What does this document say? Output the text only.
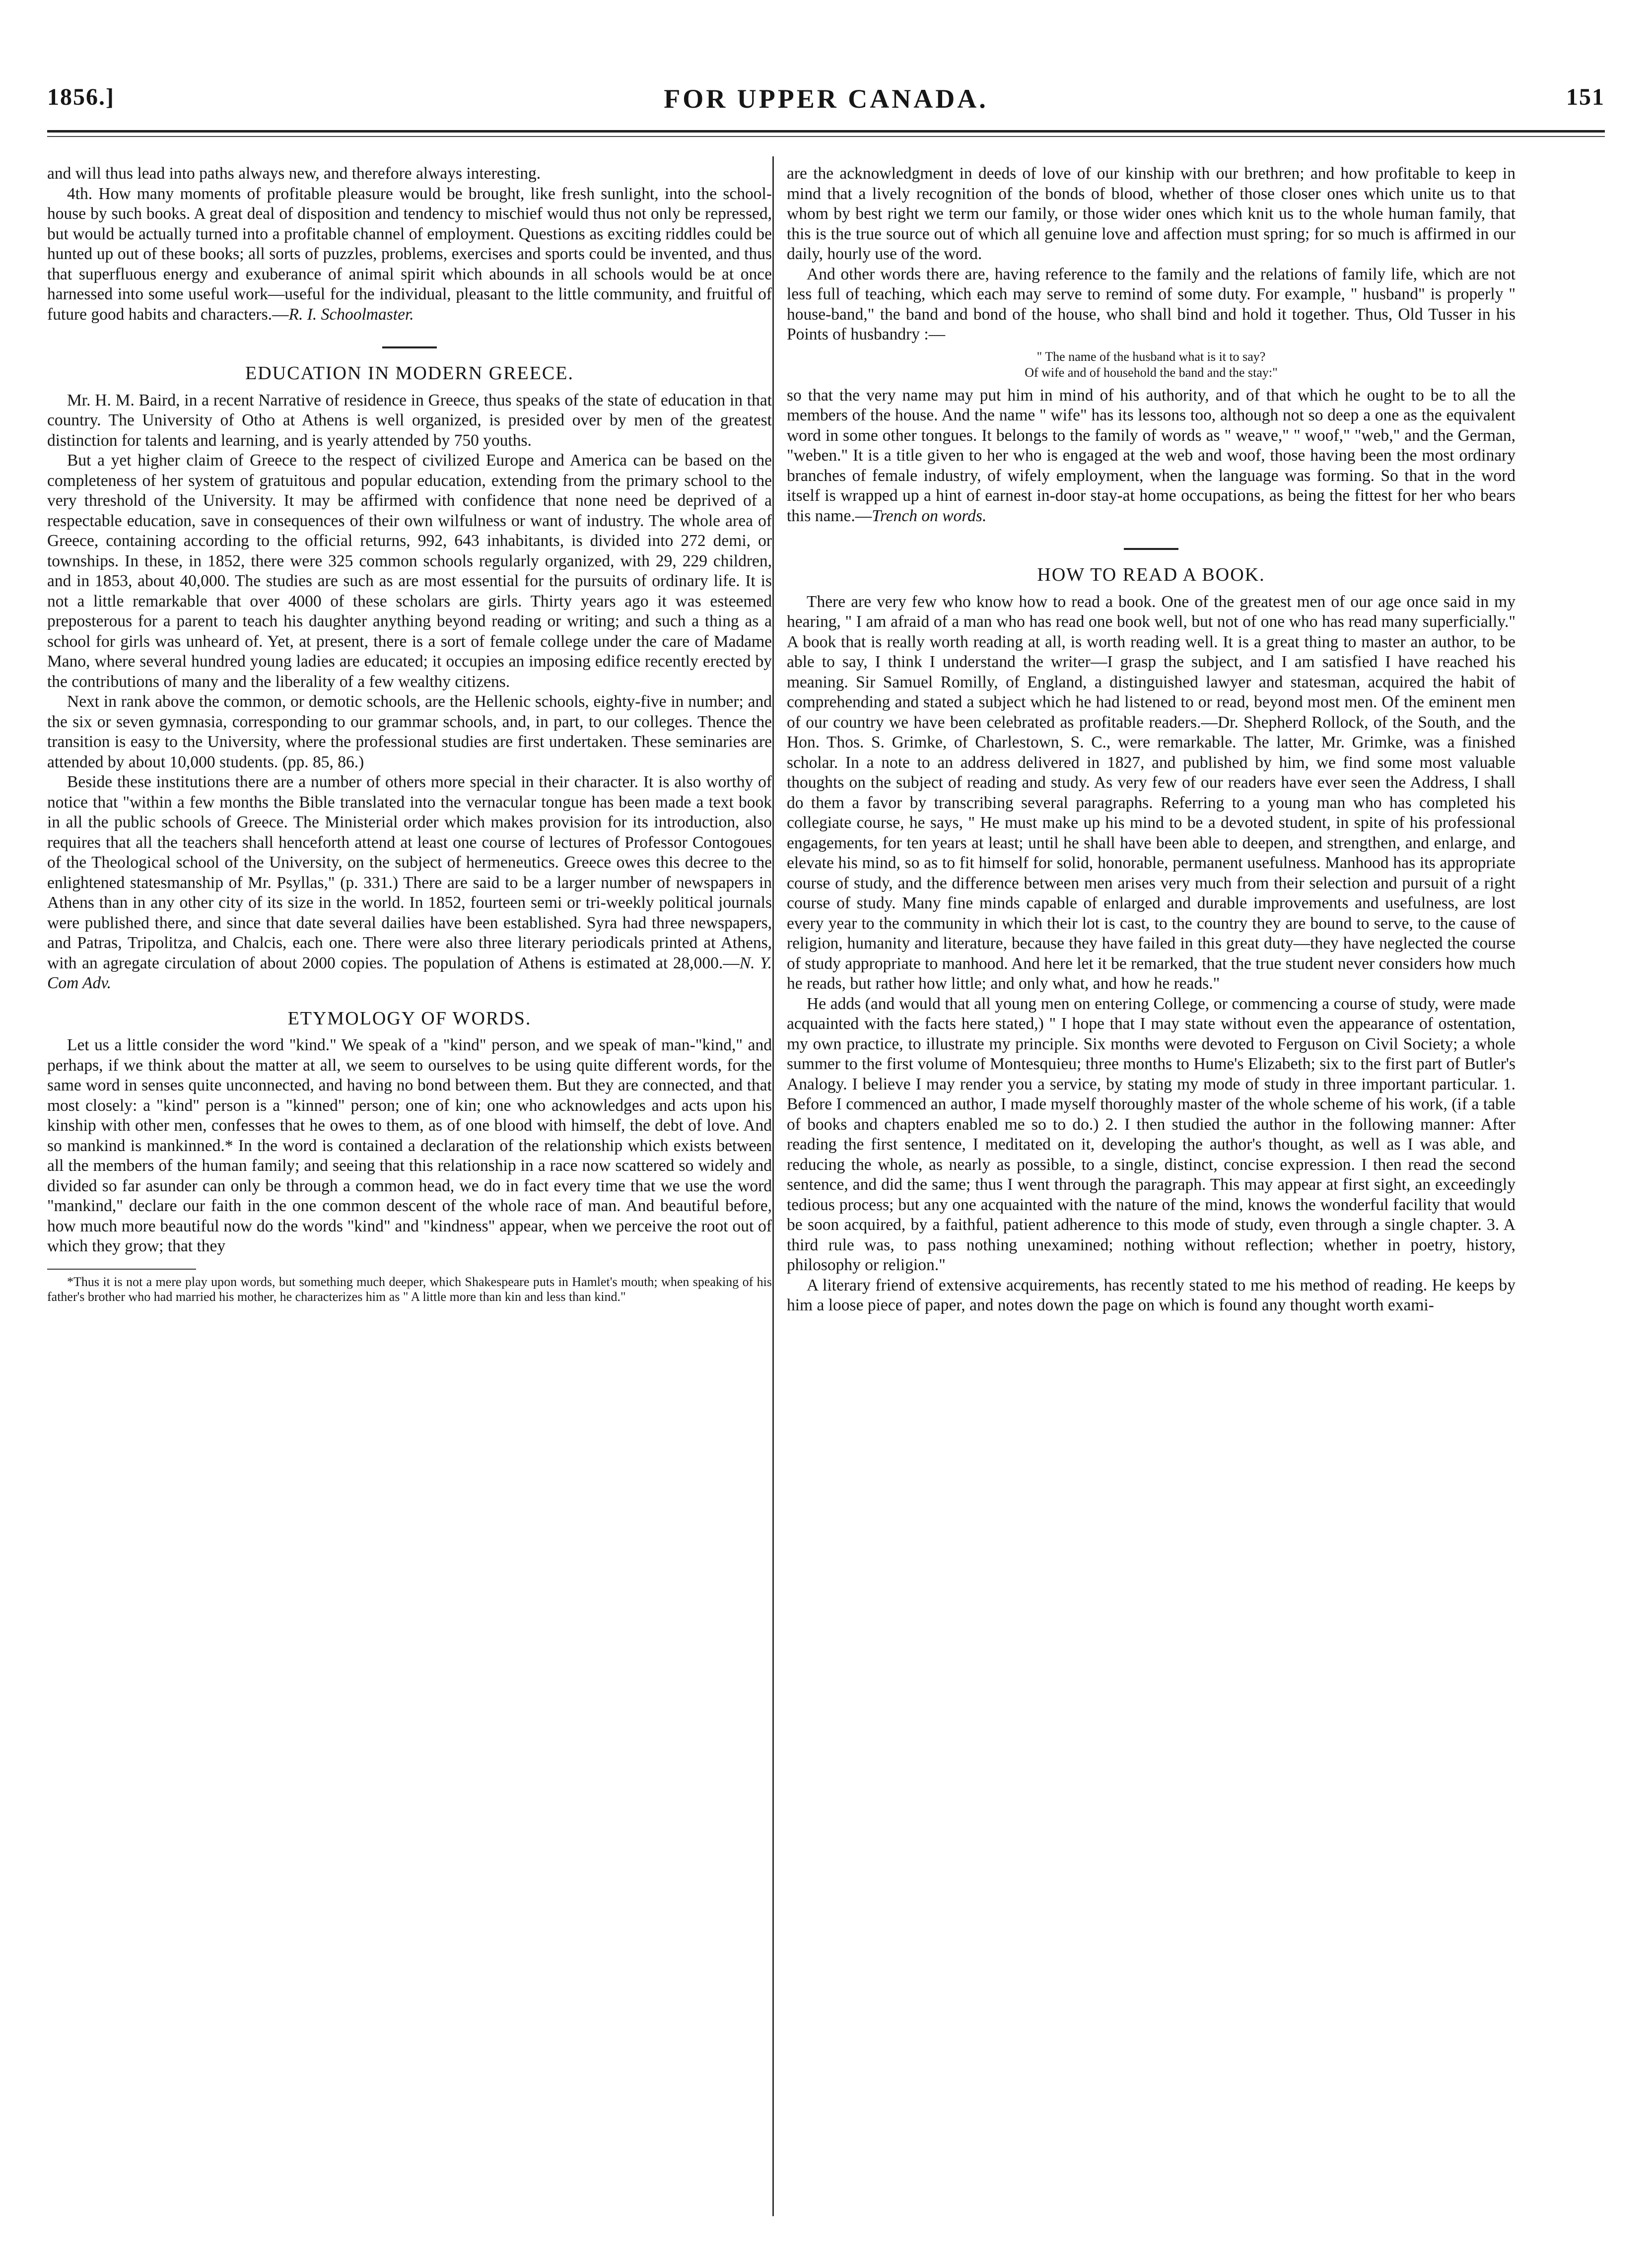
1856.]	FOR UPPER CANADA.	151

and will thus lead into paths always new, and therefore always interesting.

4th. How many moments of profitable pleasure would be brought, like fresh sunlight, into the school-house by such books. A great deal of disposition and tendency to mischief would thus not only be repressed, but would be actually turned into a profitable channel of employment. Questions as exciting riddles could be hunted up out of these books; all sorts of puzzles, problems, exercises and sports could be invented, and thus that superfluous energy and exuberance of animal spirit which abounds in all schools would be at once harnessed into some useful work—useful for the individual, pleasant to the little community, and fruitful of future good habits and characters.—R. I. Schoolmaster.

EDUCATION IN MODERN GREECE.

Mr. H. M. Baird, in a recent Narrative of residence in Greece, thus speaks of the state of education in that country. The University of Otho at Athens is well organized, is presided over by men of the greatest distinction for talents and learning, and is yearly attended by 750 youths.

But a yet higher claim of Greece to the respect of civilized Europe and America can be based on the completeness of her system of gratuitous and popular education, extending from the primary school to the very threshold of the University. It may be affirmed with confidence that none need be deprived of a respectable education, save in consequences of their own wilfulness or want of industry. The whole area of Greece, containing according to the official returns, 992, 643 inhabitants, is divided into 272 demi, or townships. In these, in 1852, there were 325 common schools regularly organized, with 29, 229 children, and in 1853, about 40,000. The studies are such as are most essential for the pursuits of ordinary life. It is not a little remarkable that over 4000 of these scholars are girls. Thirty years ago it was esteemed preposterous for a parent to teach his daughter anything beyond reading or writing; and such a thing as a school for girls was unheard of. Yet, at present, there is a sort of female college under the care of Madame Mano, where several hundred young ladies are educated; it occupies an imposing edifice recently erected by the contributions of many and the liberality of a few wealthy citizens.

Next in rank above the common, or demotic schools, are the Hellenic schools, eighty-five in number; and the six or seven gymnasia, corresponding to our grammar schools, and, in part, to our colleges. Thence the transition is easy to the University, where the professional studies are first undertaken. These seminaries are attended by about 10,000 students. (pp. 85, 86.)

Beside these institutions there are a number of others more special in their character. It is also worthy of notice that "within a few months the Bible translated into the vernacular tongue has been made a text book in all the public schools of Greece. The Ministerial order which makes provision for its introduction, also requires that all the teachers shall henceforth attend at least one course of lectures of Professor Contogoues of the Theological school of the University, on the subject of hermeneutics. Greece owes this decree to the enlightened statesmanship of Mr. Psyllas," (p. 331.) There are said to be a larger number of newspapers in Athens than in any other city of its size in the world. In 1852, fourteen semi or tri-weekly political journals were published there, and since that date several dailies have been established. Syra had three newspapers, and Patras, Tripolitza, and Chalcis, each one. There were also three literary periodicals printed at Athens, with an agregate circulation of about 2000 copies. The population of Athens is estimated at 28,000.—N. Y. Com Adv.

ETYMOLOGY OF WORDS.

Let us a little consider the word "kind." We speak of a "kind" person, and we speak of man-"kind," and perhaps, if we think about the matter at all, we seem to ourselves to be using quite different words, for the same word in senses quite unconnected, and having no bond between them. But they are connected, and that most closely: a "kind" person is a "kinned" person; one of kin; one who acknowledges and acts upon his kinship with other men, confesses that he owes to them, as of one blood with himself, the debt of love. And so mankind is mankinned.* In the word is contained a declaration of the relationship which exists between all the members of the human family; and seeing that this relationship in a race now scattered so widely and divided so far asunder can only be through a common head, we do in fact every time that we use the word "mankind," declare our faith in the one common descent of the whole race of man. And beautiful before, how much more beautiful now do the words "kind" and "kindness" appear, when we perceive the root out of which they grow; that they

*Thus it is not a mere play upon words, but something much deeper, which Shakespeare puts in Hamlet's mouth; when speaking of his father's brother who had married his mother, he characterizes him as " A little more than kin and less than kind."

are the acknowledgment in deeds of love of our kinship with our brethren; and how profitable to keep in mind that a lively recognition of the bonds of blood, whether of those closer ones which unite us to that whom by best right we term our family, or those wider ones which knit us to the whole human family, that this is the true source out of which all genuine love and affection must spring; for so much is affirmed in our daily, hourly use of the word.

And other words there are, having reference to the family and the relations of family life, which are not less full of teaching, which each may serve to remind of some duty. For example, " husband" is properly " house-band," the band and bond of the house, who shall bind and hold it together. Thus, Old Tusser in his Points of husbandry :—

" The name of the husband what is it to say?
Of wife and of household the band and the stay:"

so that the very name may put him in mind of his authority, and of that which he ought to be to all the members of the house. And the name " wife" has its lessons too, although not so deep a one as the equivalent word in some other tongues. It belongs to the family of words as " weave," " woof," "web," and the German, "weben." It is a title given to her who is engaged at the web and woof, those having been the most ordinary branches of female industry, of wifely employment, when the language was forming. So that in the word itself is wrapped up a hint of earnest in-door stay-at home occupations, as being the fittest for her who bears this name.—Trench on words.

HOW TO READ A BOOK.

There are very few who know how to read a book. One of the greatest men of our age once said in my hearing, " I am afraid of a man who has read one book well, but not of one who has read many superficially." A book that is really worth reading at all, is worth reading well. It is a great thing to master an author, to be able to say, I think I understand the writer—I grasp the subject, and I am satisfied I have reached his meaning. Sir Samuel Romilly, of England, a distinguished lawyer and statesman, acquired the habit of comprehending and stated a subject which he had listened to or read, beyond most men. Of the eminent men of our country we have been celebrated as profitable readers.—Dr. Shepherd Rollock, of the South, and the Hon. Thos. S. Grimke, of Charlestown, S. C., were remarkable. The latter, Mr. Grimke, was a finished scholar. In a note to an address delivered in 1827, and published by him, we find some most valuable thoughts on the subject of reading and study. As very few of our readers have ever seen the Address, I shall do them a favor by transcribing several paragraphs. Referring to a young man who has completed his collegiate course, he says, " He must make up his mind to be a devoted student, in spite of his professional engagements, for ten years at least; until he shall have been able to deepen, and strengthen, and enlarge, and elevate his mind, so as to fit himself for solid, honorable, permanent usefulness. Manhood has its appropriate course of study, and the difference between men arises very much from their selection and pursuit of a right course of study. Many fine minds capable of enlarged and durable improvements and usefulness, are lost every year to the community in which their lot is cast, to the country they are bound to serve, to the cause of religion, humanity and literature, because they have failed in this great duty—they have neglected the course of study appropriate to manhood. And here let it be remarked, that the true student never considers how much he reads, but rather how little; and only what, and how he reads."

He adds (and would that all young men on entering College, or commencing a course of study, were made acquainted with the facts here stated,) " I hope that I may state without even the appearance of ostentation, my own practice, to illustrate my principle. Six months were devoted to Ferguson on Civil Society; a whole summer to the first volume of Montesquieu; three months to Hume's Elizabeth; six to the first part of Butler's Analogy. I believe I may render you a service, by stating my mode of study in three important particular. 1. Before I commenced an author, I made myself thoroughly master of the whole scheme of his work, (if a table of books and chapters enabled me so to do.) 2. I then studied the author in the following manner: After reading the first sentence, I meditated on it, developing the author's thought, as well as I was able, and reducing the whole, as nearly as possible, to a single, distinct, concise expression. I then read the second sentence, and did the same; thus I went through the paragraph. This may appear at first sight, an exceedingly tedious process; but any one acquainted with the nature of the mind, knows the wonderful facility that would be soon acquired, by a faithful, patient adherence to this mode of study, even through a single chapter. 3. A third rule was, to pass nothing unexamined; nothing without reflection; whether in poetry, history, philosophy or religion."

A literary friend of extensive acquirements, has recently stated to me his method of reading. He keeps by him a loose piece of paper, and notes down the page on which is found any thought worth exami-
